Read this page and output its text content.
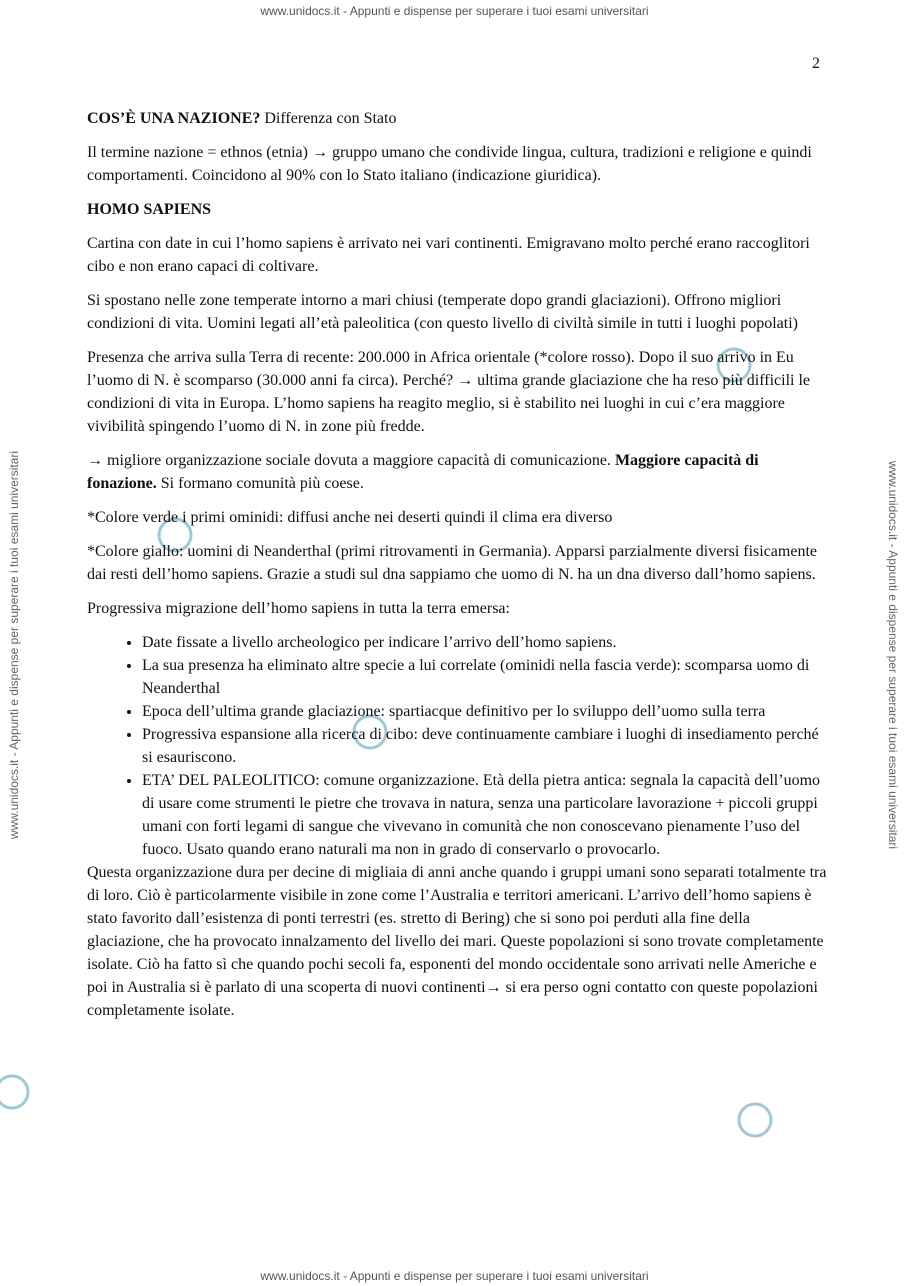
www.unidocs.it - Appunti e dispense per superare i tuoi esami universitari
www.unidocs.it - Appunti e dispense per superare i tuoi esami universitari
www.unidocs.it - Appunti e dispense per superare i tuoi esami universitari	www.unidocs.it - Appunti e dispense per superare i tuoi esami universitari
2

COS’È UNA NAZIONE? Differenza con Stato

Il termine nazione = ethnos (etnia) → gruppo umano che condivide lingua, cultura, tradizioni e religione e quindi comportamenti. Coincidono al 90% con lo Stato italiano (indicazione giuridica).

HOMO SAPIENS

Cartina con date in cui l’homo sapiens è arrivato nei vari continenti. Emigravano molto perché erano raccoglitori cibo e non erano capaci di coltivare.

Si spostano nelle zone temperate intorno a mari chiusi (temperate dopo grandi glaciazioni). Offrono migliori condizioni di vita. Uomini legati all’età paleolitica (con questo livello di civiltà simile in tutti i luoghi popolati)

Presenza che arriva sulla Terra di recente: 200.000 in Africa orientale (*colore rosso). Dopo il suo arrivo in Eu l’uomo di N. è scomparso (30.000 anni fa circa). Perché? → ultima grande glaciazione che ha reso più difficili le condizioni di vita in Europa. L’homo sapiens ha reagito meglio, si è stabilito nei luoghi in cui c’era maggiore vivibilità spingendo l’uomo di N. in zone più fredde.

→ migliore organizzazione sociale dovuta a maggiore capacità di comunicazione. Maggiore capacità di fonazione. Si formano comunità più coese.

*Colore verde i primi ominidi: diffusi anche nei deserti quindi il clima era diverso

*Colore giallo: uomini di Neanderthal (primi ritrovamenti in Germania). Apparsi parzialmente diversi fisicamente dai resti dell’homo sapiens. Grazie a studi sul dna sappiamo che uomo di N. ha un dna diverso dall’homo sapiens.

Progressiva migrazione dell’homo sapiens in tutta la terra emersa:

• Date fissate a livello archeologico per indicare l’arrivo dell’homo sapiens.
• La sua presenza ha eliminato altre specie a lui correlate (ominidi nella fascia verde): scomparsa uomo di Neanderthal
• Epoca dell’ultima grande glaciazione: spartiacque definitivo per lo sviluppo dell’uomo sulla terra
• Progressiva espansione alla ricerca di cibo: deve continuamente cambiare i luoghi di insediamento perché si esauriscono.
• ETA’ DEL PALEOLITICO: comune organizzazione. Età della pietra antica: segnala la capacità dell’uomo di usare come strumenti le pietre che trovava in natura, senza una particolare lavorazione + piccoli gruppi umani con forti legami di sangue che vivevano in comunità che non conoscevano pienamente l’uso del fuoco. Usato quando erano naturali ma non in grado di conservarlo o provocarlo.

Questa organizzazione dura per decine di migliaia di anni anche quando i gruppi umani sono separati totalmente tra di loro. Ciò è particolarmente visibile in zone come l’Australia e territori americani. L’arrivo dell’homo sapiens è stato favorito dall’esistenza di ponti terrestri (es. stretto di Bering) che si sono poi perduti alla fine della glaciazione, che ha provocato innalzamento del livello dei mari. Queste popolazioni si sono trovate completamente isolate. Ciò ha fatto sì che quando pochi secoli fa, esponenti del mondo occidentale sono arrivati nelle Americhe e poi in Australia si è parlato di una scoperta di nuovi continenti→ si era perso ogni contatto con queste popolazioni completamente isolate.
